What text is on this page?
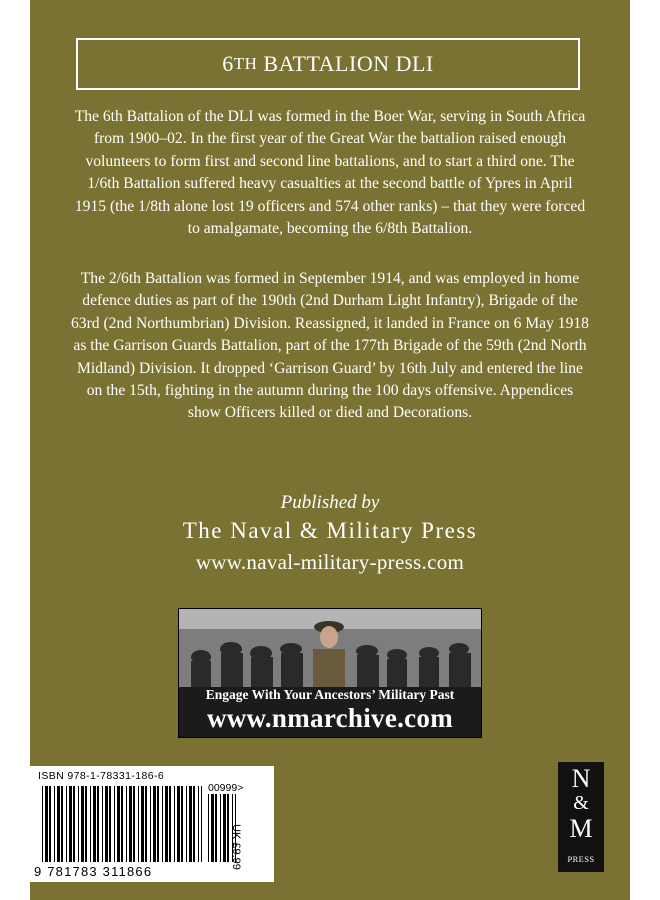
6 TH BATTALION DLI

The 6th Battalion of the DLI was formed in the Boer War, serving in South Africa from 1900–02. In the first year of the Great War the battalion raised enough volunteers to form first and second line battalions, and to start a third one. The 1/6th Battalion suffered heavy casualties at the second battle of Ypres in April 1915 (the 1/8th alone lost 19 officers and 574 other ranks) – that they were forced to amalgamate, becoming the 6/8th Battalion.

The 2/6th Battalion was formed in September 1914, and was employed in home defence duties as part of the 190th (2nd Durham Light Infantry), Brigade of the 63rd (2nd Northumbrian) Division. Reassigned, it landed in France on 6 May 1918 as the Garrison Guards Battalion, part of the 177th Brigade of the 59th (2nd North Midland) Division. It dropped ‘Garrison Guard’ by 16th July and entered the line on the 15th, fighting in the autumn during the 100 days offensive. Appendices show Officers killed or died and Decorations.

Published by
The Naval & Military Press
www.naval-military-press.com
Engage With Your Ancestors’ Military Past
www.nmarchive.com
ISBN 978-1-78331-186-6
00999>
9 781783 311866
UK £9.99
N
&
M
PRESS
